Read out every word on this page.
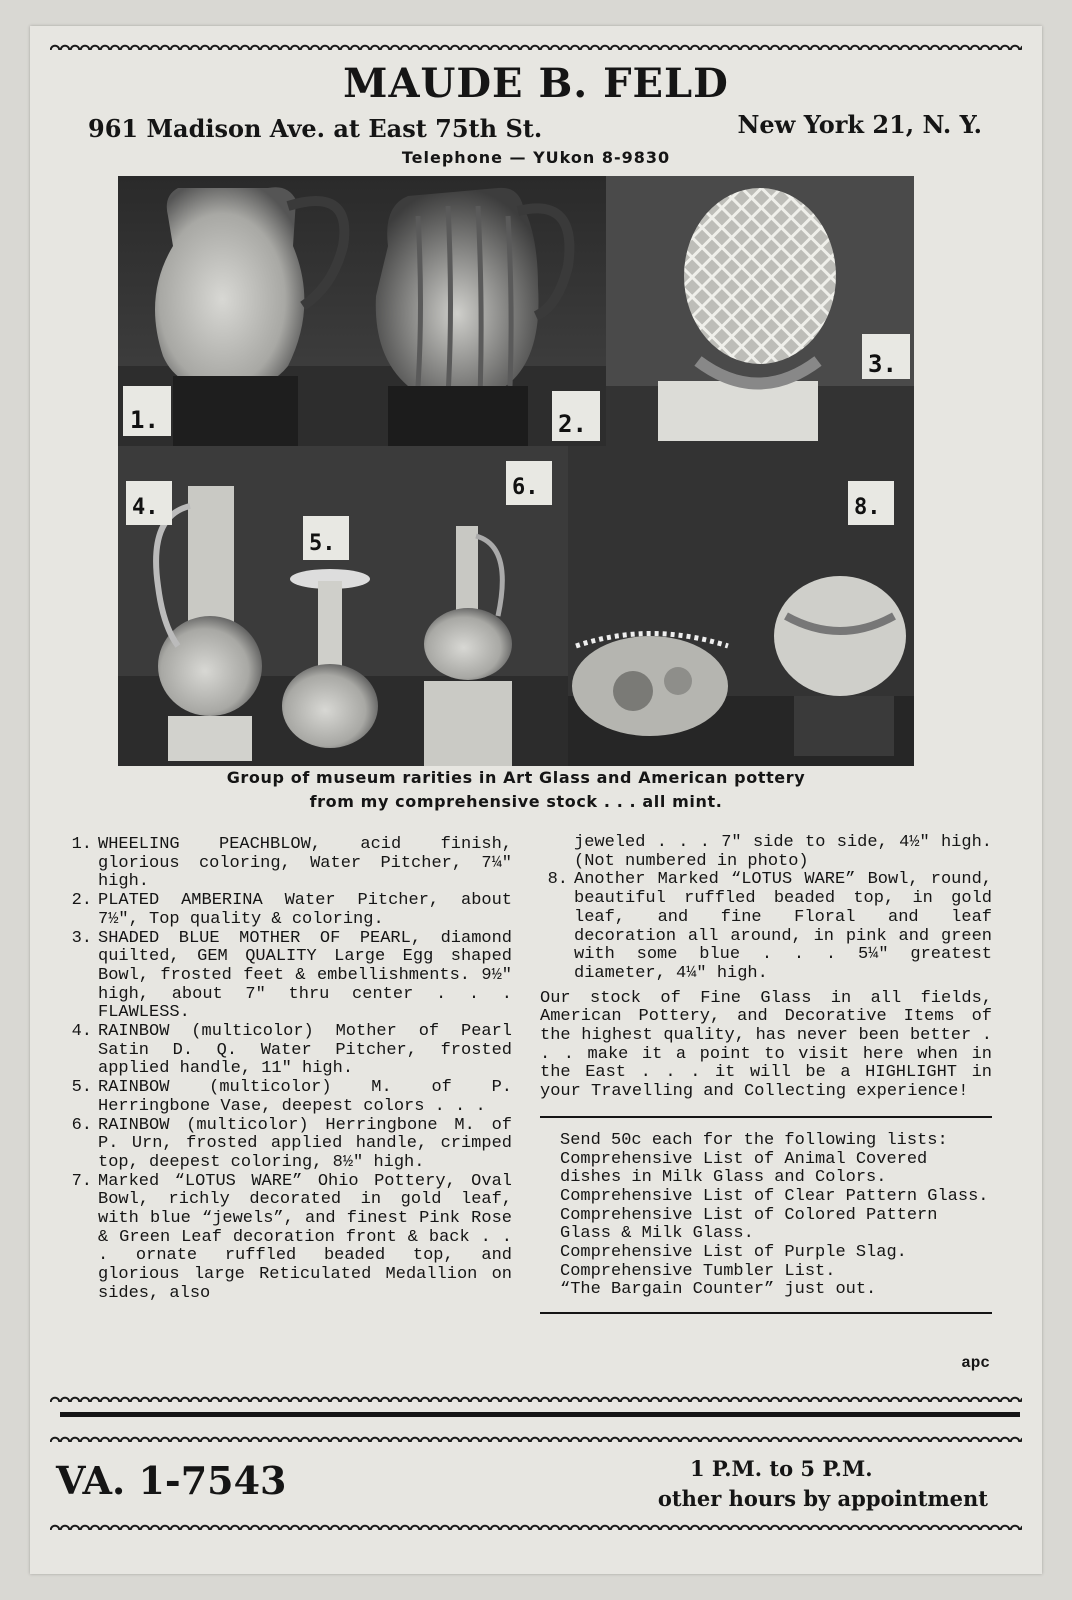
MAUDE B. FELD
961 Madison Ave. at East 75th St.	New York 21, N. Y.
Telephone — YUkon 8-9830
1.	2.
3.
4.
5.
6.
8.
Group of museum rarities in Art Glass and American pottery
from my comprehensive stock . . . all mint.
1. WHEELING PEACHBLOW, acid finish, glorious coloring, Water Pitcher, 7¼″ high.
2. PLATED AMBERINA Water Pitcher, about 7½″, Top quality & coloring.
3. SHADED BLUE MOTHER OF PEARL, diamond quilted, GEM QUALITY Large Egg shaped Bowl, frosted feet & embellishments. 9½″ high, about 7″ thru center . . . FLAWLESS.
4. RAINBOW (multicolor) Mother of Pearl Satin D. Q. Water Pitcher, frosted applied handle, 11″ high.
5. RAINBOW (multicolor) M. of P. Herringbone Vase, deepest colors . . .
6. RAINBOW (multicolor) Herringbone M. of P. Urn, frosted applied handle, crimped top, deepest coloring, 8½″ high.
7. Marked “LOTUS WARE” Ohio Pottery, Oval Bowl, richly decorated in gold leaf, with blue “jewels”, and finest Pink Rose & Green Leaf decoration front & back . . . ornate ruffled beaded top, and glorious large Reticulated Medallion on sides, also
jeweled . . . 7″ side to side, 4½″ high. (Not numbered in photo)
8. Another Marked “LOTUS WARE” Bowl, round, beautiful ruffled beaded top, in gold leaf, and fine Floral and leaf decoration all around, in pink and green with some blue . . . 5¼″ greatest diameter, 4¼″ high.
Our stock of Fine Glass in all fields, American Pottery, and Decorative Items of the highest quality, has never been better . . . make it a point to visit here when in the East . . . it will be a HIGHLIGHT in your Travelling and Collecting experience!
Send 50c each for the following lists:
Comprehensive List of Animal Covered dishes in Milk Glass and Colors.
Comprehensive List of Clear Pattern Glass.
Comprehensive List of Colored Pattern Glass & Milk Glass.
Comprehensive List of Purple Slag.
Comprehensive Tumbler List.
“The Bargain Counter” just out.
apc
VA. 1-7543	1 P.M. to 5 P.M.
other hours by appointment
